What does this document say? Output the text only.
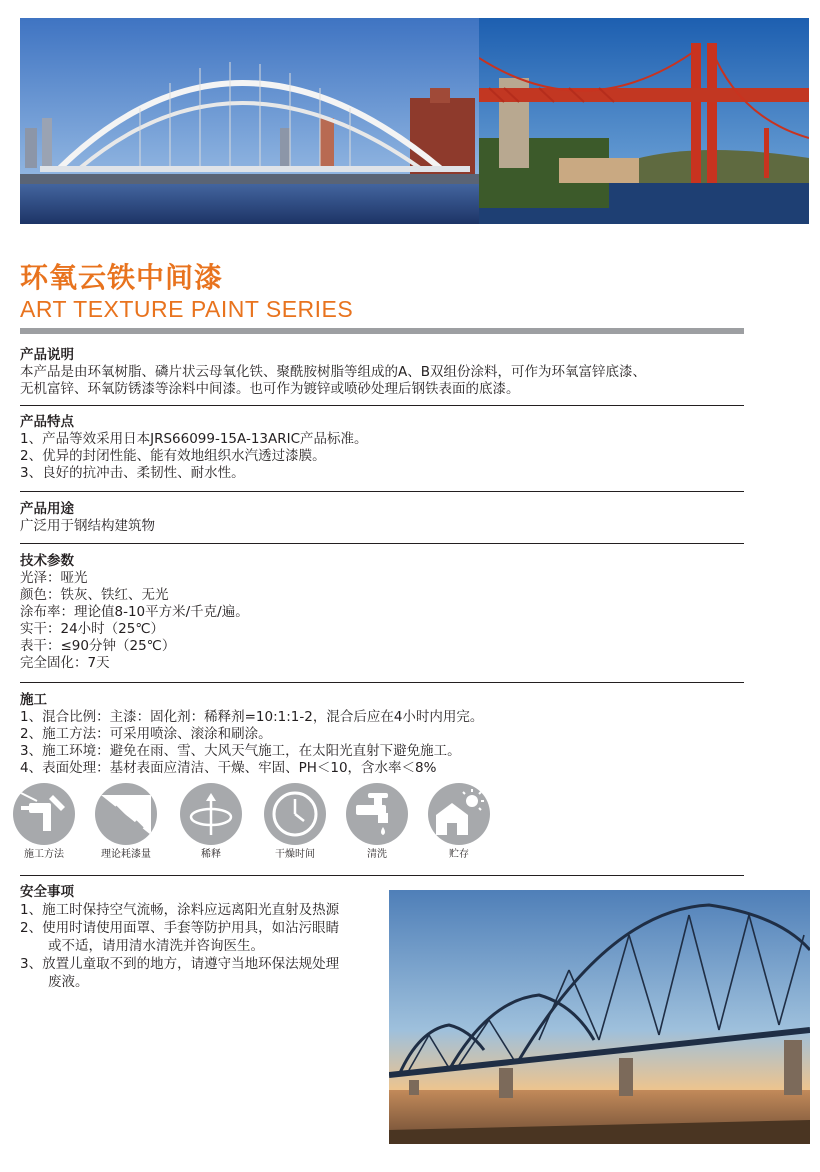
环氧云铁中间漆
ART TEXTURE PAINT SERIES
产品说明
本产品是由环氧树脂、磷片状云母氧化铁、聚酰胺树脂等组成的A、B双组份涂料，可作为环氧富锌底漆、
无机富锌、环氧防锈漆等涂料中间漆。也可作为镀锌或喷砂处理后钢铁表面的底漆。
产品特点
1、产品等效采用日本JRS66099-15A-13ARIC产品标准。
2、优异的封闭性能、能有效地组织水汽透过漆膜。
3、良好的抗冲击、柔韧性、耐水性。
产品用途
广泛用于钢结构建筑物
技术参数
光泽：哑光
颜色：铁灰、铁红、无光
涂布率：理论值8-10平方米/千克/遍。
实干：24小时（25℃）
表干：≤90分钟（25℃）
完全固化：7天
施工
1、混合比例：主漆：固化剂：稀释剂=10:1:1-2，混合后应在4小时内用完。
2、施工方法：可采用喷涂、滚涂和刷涂。
3、施工环境：避免在雨、雪、大风天气施工，在太阳光直射下避免施工。
4、表面处理：基材表面应清洁、干燥、牢固、PH＜10，含水率＜8%
施工方法	理论耗漆量	稀释	干燥时间	清洗	贮存
安全事项
1、施工时保持空气流畅，涂料应远离阳光直射及热源
2、使用时请使用面罩、手套等防护用具，如沾污眼睛
或不适，请用清水清洗并咨询医生。
3、放置儿童取不到的地方，请遵守当地环保法规处理
废液。
